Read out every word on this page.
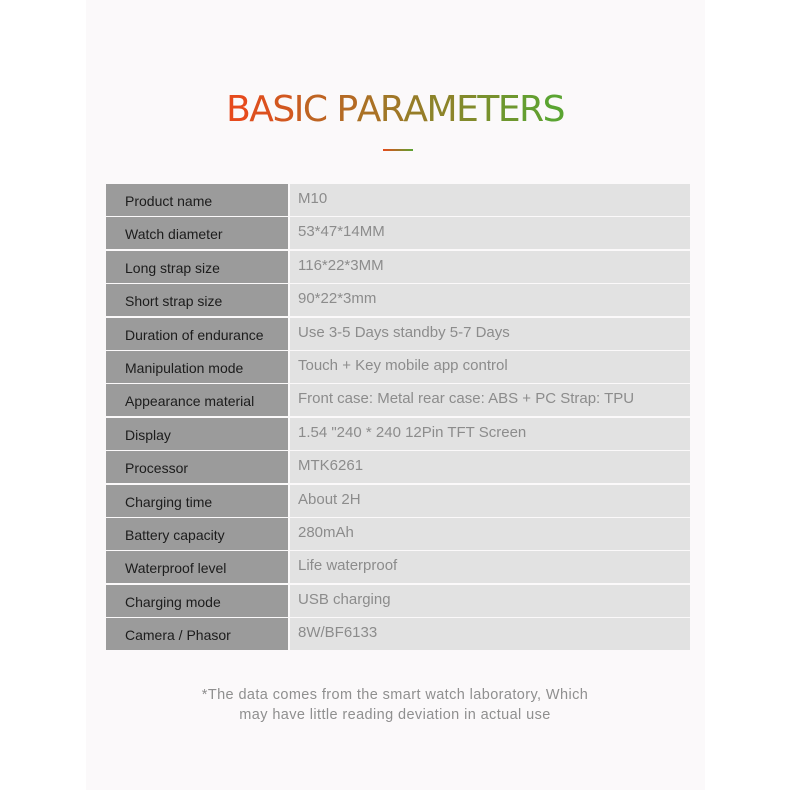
BASIC PARAMETERS
Product name	M10
Watch diameter	53*47*14MM
Long strap size	116*22*3MM
Short strap size	90*22*3mm
Duration of endurance	Use 3-5 Days standby 5-7 Days
Manipulation mode	Touch + Key mobile app control
Appearance material	Front case: Metal rear case: ABS + PC Strap: TPU
Display	1.54 "240 * 240 12Pin TFT Screen
Processor	MTK6261
Charging time	About 2H
Battery capacity	280mAh
Waterproof level	Life waterproof
Charging mode	USB charging
Camera / Phasor	8W/BF6133
*The data comes from the smart watch laboratory, Which
may have little reading deviation in actual use
